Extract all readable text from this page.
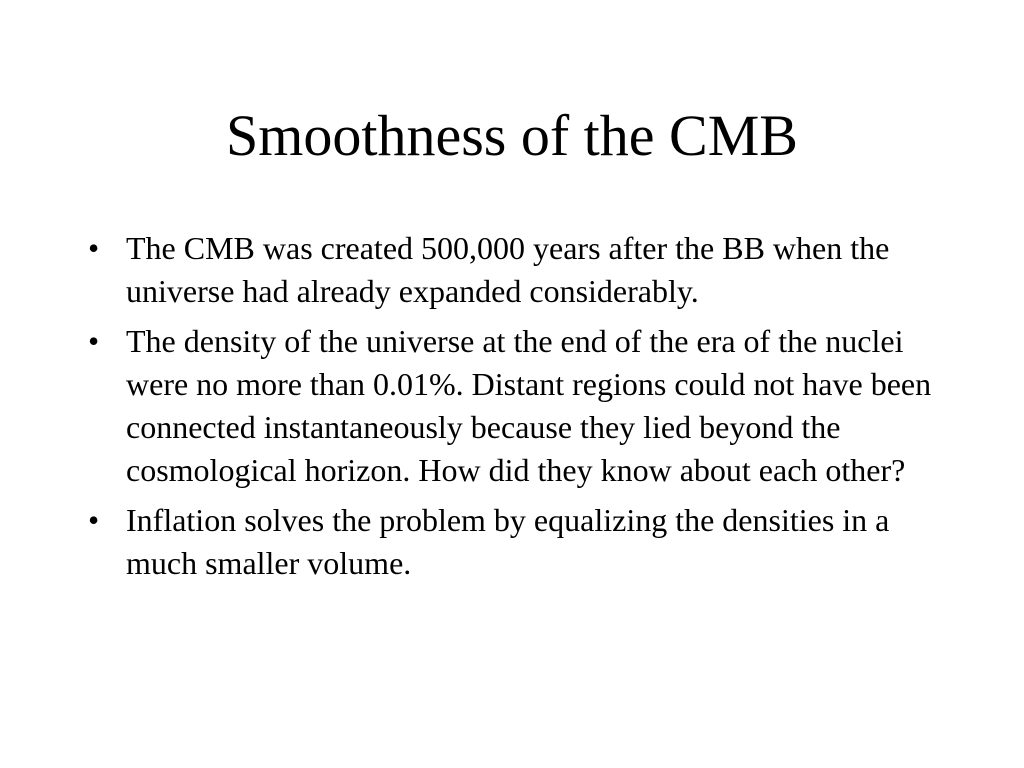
Smoothness of the CMB
• The CMB was created 500,000 years after the BB when the universe had already expanded considerably.
• The density of the universe at the end of the era of the nuclei were no more than 0.01%. Distant regions could not have been connected instantaneously because they lied beyond the cosmological horizon. How did they know about each other?
• Inflation solves the problem by equalizing the densities in a much smaller volume.
